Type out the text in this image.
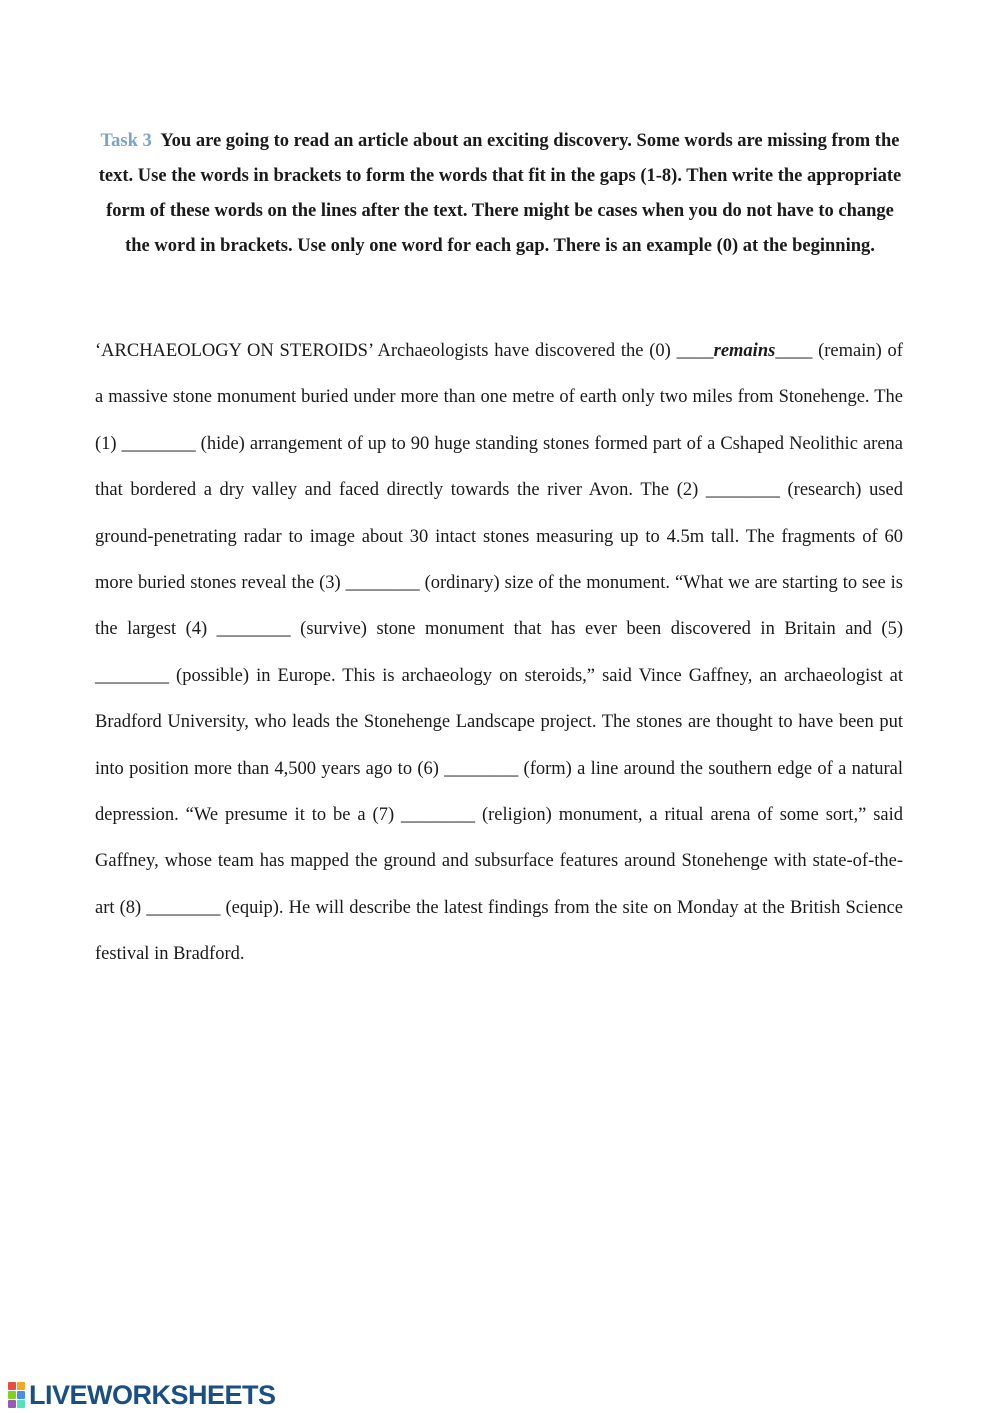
Task 3 You are going to read an article about an exciting discovery. Some words are missing from the text. Use the words in brackets to form the words that fit in the gaps (1-8). Then write the appropriate form of these words on the lines after the text. There might be cases when you do not have to change the word in brackets. Use only one word for each gap. There is an example (0) at the beginning.
‘ARCHAEOLOGY ON STEROIDS’ Archaeologists have discovered the (0) ____remains____ (remain) of a massive stone monument buried under more than one metre of earth only two miles from Stonehenge. The (1) ________ (hide) arrangement of up to 90 huge standing stones formed part of a Cshaped Neolithic arena that bordered a dry valley and faced directly towards the river Avon. The (2) ________ (research) used ground-penetrating radar to image about 30 intact stones measuring up to 4.5m tall. The fragments of 60 more buried stones reveal the (3) ________ (ordinary) size of the monument. “What we are starting to see is the largest (4) ________ (survive) stone monument that has ever been discovered in Britain and (5) ________ (possible) in Europe. This is archaeology on steroids,” said Vince Gaffney, an archaeologist at Bradford University, who leads the Stonehenge Landscape project. The stones are thought to have been put into position more than 4,500 years ago to (6) ________ (form) a line around the southern edge of a natural depression. “We presume it to be a (7) ________ (religion) monument, a ritual arena of some sort,” said Gaffney, whose team has mapped the ground and subsurface features around Stonehenge with state-of-the-art (8) ________ (equip). He will describe the latest findings from the site on Monday at the British Science festival in Bradford.
LIVEWORKSHEETS
